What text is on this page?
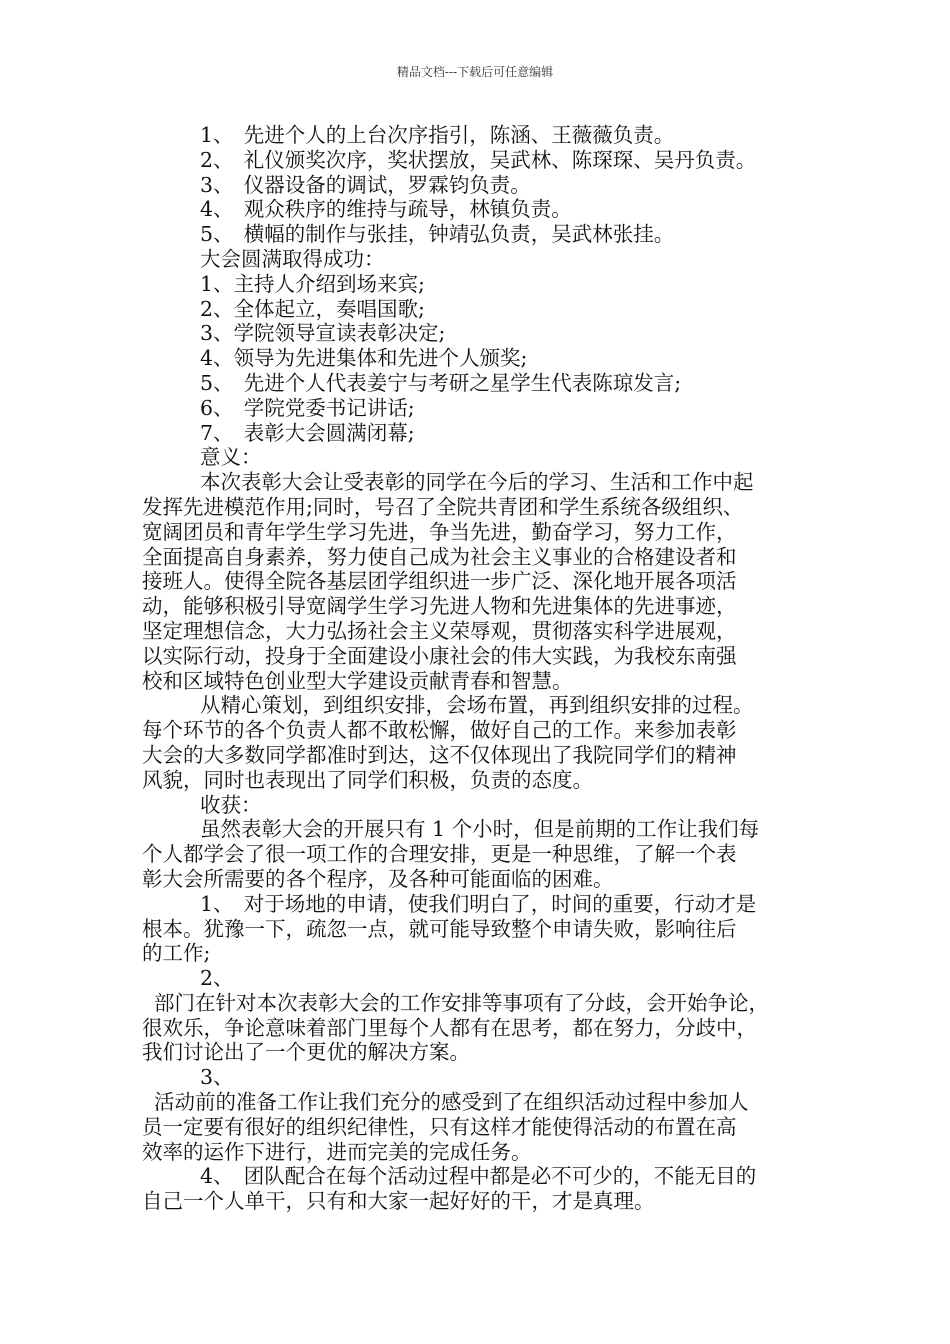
精品文档---下载后可任意编辑
1、　先进个人的上台次序指引，陈涵、王薇薇负责。
2、　礼仪颁奖次序，奖状摆放，吴武林、陈琛琛、吴丹负责。
3、　仪器设备的调试，罗霖钧负责。
4、　观众秩序的维持与疏导，林镇负责。
5、　横幅的制作与张挂，钟靖弘负责，吴武林张挂。
大会圆满取得成功：
1、主持人介绍到场来宾;
2、全体起立，奏唱国歌;
3、学院领导宣读表彰决定;
4、领导为先进集体和先进个人颁奖;
5、　先进个人代表姜宁与考研之星学生代表陈琼发言;
6、　学院党委书记讲话;
7、　表彰大会圆满闭幕;
意义：
本次表彰大会让受表彰的同学在今后的学习、生活和工作中起
发挥先进模范作用;同时，号召了全院共青团和学生系统各级组织、
宽阔团员和青年学生学习先进，争当先进，勤奋学习，努力工作，
全面提高自身素养，努力使自己成为社会主义事业的合格建设者和
接班人。使得全院各基层团学组织进一步广泛、深化地开展各项活
动，能够积极引导宽阔学生学习先进人物和先进集体的先进事迹，
坚定理想信念，大力弘扬社会主义荣辱观，贯彻落实科学进展观，
以实际行动，投身于全面建设小康社会的伟大实践，为我校东南强
校和区域特色创业型大学建设贡献青春和智慧。
从精心策划，到组织安排，会场布置，再到组织安排的过程。
每个环节的各个负责人都不敢松懈，做好自己的工作。来参加表彰
大会的大多数同学都准时到达，这不仅体现出了我院同学们的精神
风貌，同时也表现出了同学们积极，负责的态度。
收获：
虽然表彰大会的开展只有 1 个小时，但是前期的工作让我们每
个人都学会了很一项工作的合理安排，更是一种思维，了解一个表
彰大会所需要的各个程序，及各种可能面临的困难。
1、　对于场地的申请，使我们明白了，时间的重要，行动才是
根本。犹豫一下，疏忽一点，就可能导致整个申请失败，影响往后
的工作;
2、
部门在针对本次表彰大会的工作安排等事项有了分歧，会开始争论，
很欢乐，争论意味着部门里每个人都有在思考，都在努力，分歧中，
我们讨论出了一个更优的解决方案。
3、
活动前的准备工作让我们充分的感受到了在组织活动过程中参加人
员一定要有很好的组织纪律性，只有这样才能使得活动的布置在高
效率的运作下进行，进而完美的完成任务。
4、　团队配合在每个活动过程中都是必不可少的，不能无目的
自己一个人单干，只有和大家一起好好的干，才是真理。
